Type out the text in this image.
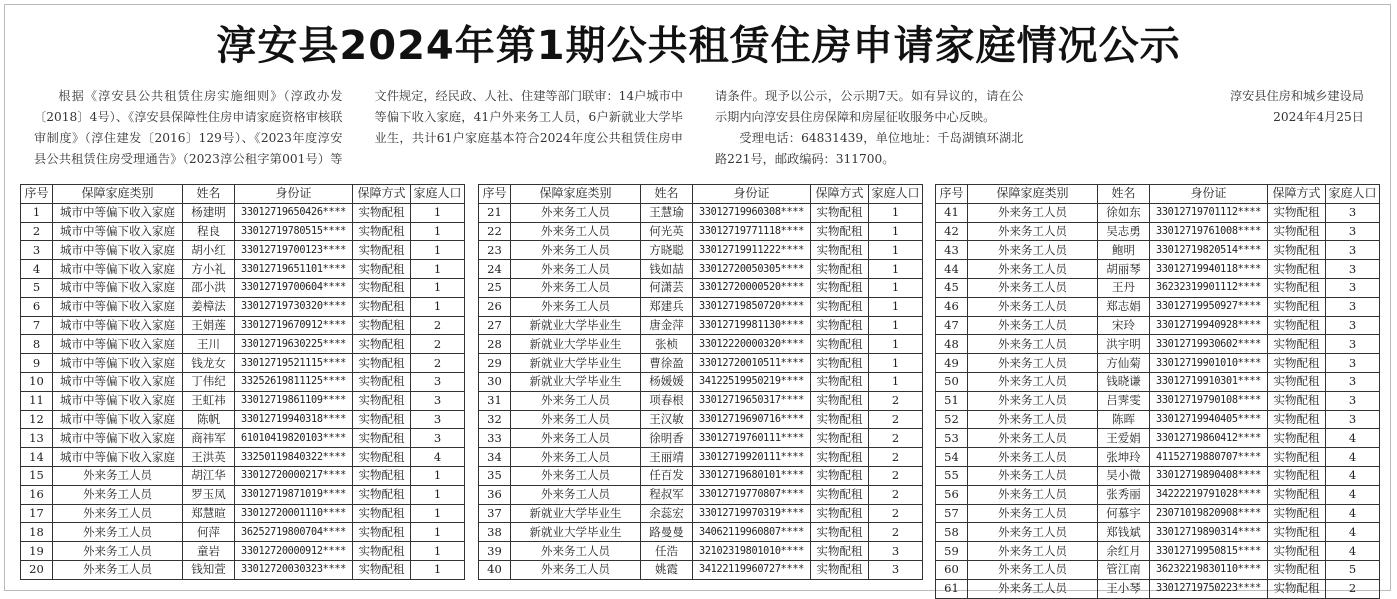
淳安县2024年第1期公共租赁住房申请家庭情况公示

根据《淳安县公共租赁住房实施细则》（淳政办发〔2018〕4号）、《淳安县保障性住房申请家庭资格审核联审制度》（淳住建发〔2016〕129号）、《2023年度淳安县公共租赁住房受理通告》（2023淳公租字第001号）等文件规定，经民政、人社、住建等部门联审：14户城市中等偏下收入家庭，41户外来务工人员，6户新就业大学毕业生，共计61户家庭基本符合2024年度公共租赁住房申请条件。现予以公示，公示期7天。如有异议的，请在公示期内向淳安县住房保障和房屋征收服务中心反映。

受理电话：64831439，单位地址：千岛湖镇环湖北路221号，邮政编码：311700。

淳安县住房和城乡建设局

2024年4月25日

序号	保障家庭类别	姓名	身份证	保障方式	家庭人口
1	城市中等偏下收入家庭	杨建明	33012719650426****	实物配租	1
2	城市中等偏下收入家庭	程良	33012719780515****	实物配租	1
3	城市中等偏下收入家庭	胡小红	33012719700123****	实物配租	1
4	城市中等偏下收入家庭	方小礼	33012719651101****	实物配租	1
5	城市中等偏下收入家庭	邵小洪	33012719700604****	实物配租	1
6	城市中等偏下收入家庭	姜樟法	33012719730320****	实物配租	1
7	城市中等偏下收入家庭	王娟莲	33012719670912****	实物配租	2
8	城市中等偏下收入家庭	王川	33012719630225****	实物配租	2
9	城市中等偏下收入家庭	钱龙女	33012719521115****	实物配租	2
10	城市中等偏下收入家庭	丁伟纪	33252619811125****	实物配租	3
11	城市中等偏下收入家庭	王虹祎	33012719861109****	实物配租	3
12	城市中等偏下收入家庭	陈帆	33012719940318****	实物配租	3
13	城市中等偏下收入家庭	商祎军	61010419820103****	实物配租	3
14	城市中等偏下收入家庭	王洪英	33250119840322****	实物配租	4
15	外来务工人员	胡江华	33012720000217****	实物配租	1
16	外来务工人员	罗玉凤	33012719871019****	实物配租	1
17	外来务工人员	郑慧暄	33012720001110****	实物配租	1
18	外来务工人员	何萍	36252719800704****	实物配租	1
19	外来务工人员	童岩	33012720000912****	实物配租	1
20	外来务工人员	钱知萱	33012720030323****	实物配租	1
序号	保障家庭类别	姓名	身份证	保障方式	家庭人口
21	外来务工人员	王慧瑜	33012719960308****	实物配租	1
22	外来务工人员	何光英	33012719771118****	实物配租	1
23	外来务工人员	方晓聪	33012719911222****	实物配租	1
24	外来务工人员	钱如喆	33012720050305****	实物配租	1
25	外来务工人员	何潇芸	33012720000520****	实物配租	1
26	外来务工人员	郑建兵	33012719850720****	实物配租	1
27	新就业大学毕业生	唐金萍	33012719981130****	实物配租	1
28	新就业大学毕业生	张桢	33012220000320****	实物配租	1
29	新就业大学毕业生	曹徐盈	33012720010511****	实物配租	1
30	新就业大学毕业生	杨媛媛	34122519950219****	实物配租	1
31	外来务工人员	项春根	33012719650317****	实物配租	2
32	外来务工人员	王汉敏	33012719690716****	实物配租	2
33	外来务工人员	徐明香	33012719760111****	实物配租	2
34	外来务工人员	王丽靖	33012719920111****	实物配租	2
35	外来务工人员	任百发	33012719680101****	实物配租	2
36	外来务工人员	程叔军	33012719770807****	实物配租	2
37	新就业大学毕业生	余蕊宏	33012719970319****	实物配租	2
38	新就业大学毕业生	路曼曼	34062119960807****	实物配租	2
39	外来务工人员	任浩	32102319801010****	实物配租	3
40	外来务工人员	姚霞	34122119960727****	实物配租	3
序号	保障家庭类别	姓名	身份证	保障方式	家庭人口
41	外来务工人员	徐如东	33012719701112****	实物配租	3
42	外来务工人员	吴志勇	33012719761008****	实物配租	3
43	外来务工人员	鲍明	33012719820514****	实物配租	3
44	外来务工人员	胡丽琴	33012719940118****	实物配租	3
45	外来务工人员	王丹	36232319901112****	实物配租	3
46	外来务工人员	郑志娟	33012719950927****	实物配租	3
47	外来务工人员	宋玲	33012719940928****	实物配租	3
48	外来务工人员	洪宇明	33012719930602****	实物配租	3
49	外来务工人员	方仙菊	33012719901010****	实物配租	3
50	外来务工人员	钱晓谦	33012719910301****	实物配租	3
51	外来务工人员	吕霁雯	33012719790108****	实物配租	3
52	外来务工人员	陈晖	33012719940405****	实物配租	3
53	外来务工人员	王爱娟	33012719860412****	实物配租	4
54	外来务工人员	张坤玲	41152719880707****	实物配租	4
55	外来务工人员	吴小微	33012719890408****	实物配租	4
56	外来务工人员	张秀丽	34222219791028****	实物配租	4
57	外来务工人员	何慕宇	23071019820908****	实物配租	4
58	外来务工人员	郑钱斌	33012719890314****	实物配租	4
59	外来务工人员	余红月	33012719950815****	实物配租	4
60	外来务工人员	管江南	36232219830110****	实物配租	5
61	外来务工人员	王小琴	33012719750223****	实物配租	2
